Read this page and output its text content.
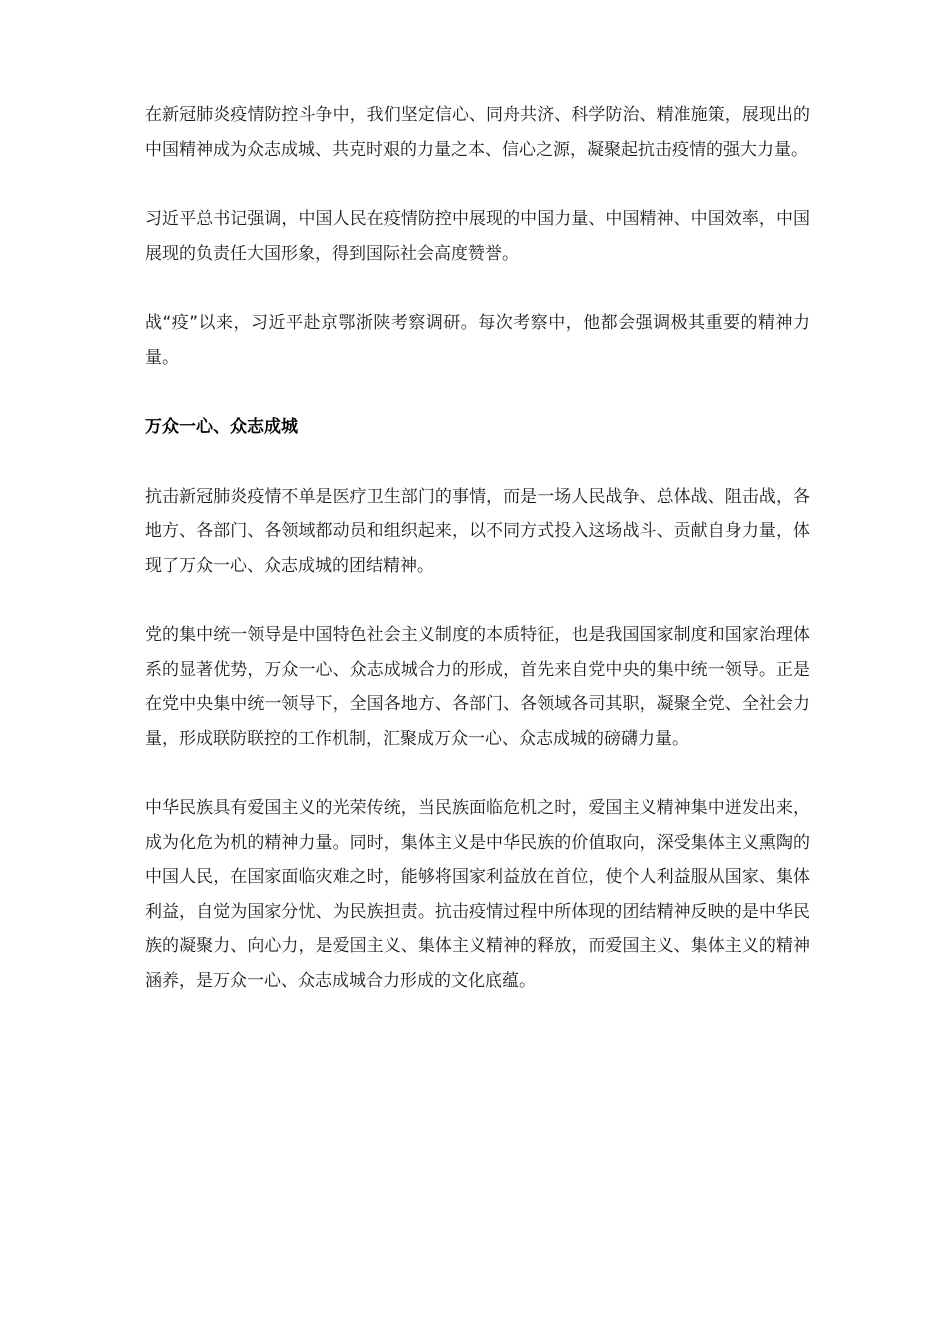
在新冠肺炎疫情防控斗争中，我们坚定信心、同舟共济、科学防治、精准施策，展现出的中国精神成为众志成城、共克时艰的力量之本、信心之源，凝聚起抗击疫情的强大力量。

习近平总书记强调，中国人民在疫情防控中展现的中国力量、中国精神、中国效率，中国展现的负责任大国形象，得到国际社会高度赞誉。

战“疫”以来，习近平赴京鄂浙陕考察调研。每次考察中，他都会强调极其重要的精神力量。

万众一心、众志成城

抗击新冠肺炎疫情不单是医疗卫生部门的事情，而是一场人民战争、总体战、阻击战，各地方、各部门、各领域都动员和组织起来，以不同方式投入这场战斗、贡献自身力量，体现了万众一心、众志成城的团结精神。

党的集中统一领导是中国特色社会主义制度的本质特征，也是我国国家制度和国家治理体系的显著优势，万众一心、众志成城合力的形成，首先来自党中央的集中统一领导。正是在党中央集中统一领导下，全国各地方、各部门、各领域各司其职，凝聚全党、全社会力量，形成联防联控的工作机制，汇聚成万众一心、众志成城的磅礴力量。

中华民族具有爱国主义的光荣传统，当民族面临危机之时，爱国主义精神集中迸发出来，成为化危为机的精神力量。同时，集体主义是中华民族的价值取向，深受集体主义熏陶的中国人民，在国家面临灾难之时，能够将国家利益放在首位，使个人利益服从国家、集体利益，自觉为国家分忧、为民族担责。抗击疫情过程中所体现的团结精神反映的是中华民族的凝聚力、向心力，是爱国主义、集体主义精神的释放，而爱国主义、集体主义的精神涵养，是万众一心、众志成城合力形成的文化底蕴。
